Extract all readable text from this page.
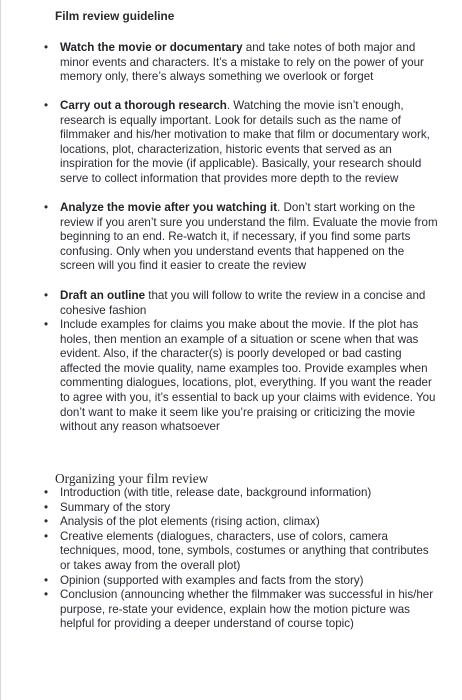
Film review guideline
•	Watch the movie or documentary and take notes of both major and minor events and characters. It’s a mistake to rely on the power of your memory only, there’s always something we overlook or forget
•	Carry out a thorough research. Watching the movie isn’t enough, research is equally important. Look for details such as the name of filmmaker and his/her motivation to make that film or documentary work, locations, plot, characterization, historic events that served as an inspiration for the movie (if applicable). Basically, your research should serve to collect information that provides more depth to the review
•	Analyze the movie after you watching it. Don’t start working on the review if you aren’t sure you understand the film. Evaluate the movie from beginning to an end. Re-watch it, if necessary, if you find some parts confusing. Only when you understand events that happened on the screen will you find it easier to create the review
•	Draft an outline that you will follow to write the review in a concise and cohesive fashion
•	Include examples for claims you make about the movie. If the plot has holes, then mention an example of a situation or scene when that was evident. Also, if the character(s) is poorly developed or bad casting affected the movie quality, name examples too. Provide examples when commenting dialogues, locations, plot, everything. If you want the reader to agree with you, it’s essential to back up your claims with evidence. You don’t want to make it seem like you’re praising or criticizing the movie without any reason whatsoever
Organizing your film review
•	Introduction (with title, release date, background information)
•	Summary of the story
•	Analysis of the plot elements (rising action, climax)
•	Creative elements (dialogues, characters, use of colors, camera techniques, mood, tone, symbols, costumes or anything that contributes or takes away from the overall plot)
•	Opinion (supported with examples and facts from the story)
•	Conclusion (announcing whether the filmmaker was successful in his/her purpose, re-state your evidence, explain how the motion picture was helpful for providing a deeper understand of course topic)
